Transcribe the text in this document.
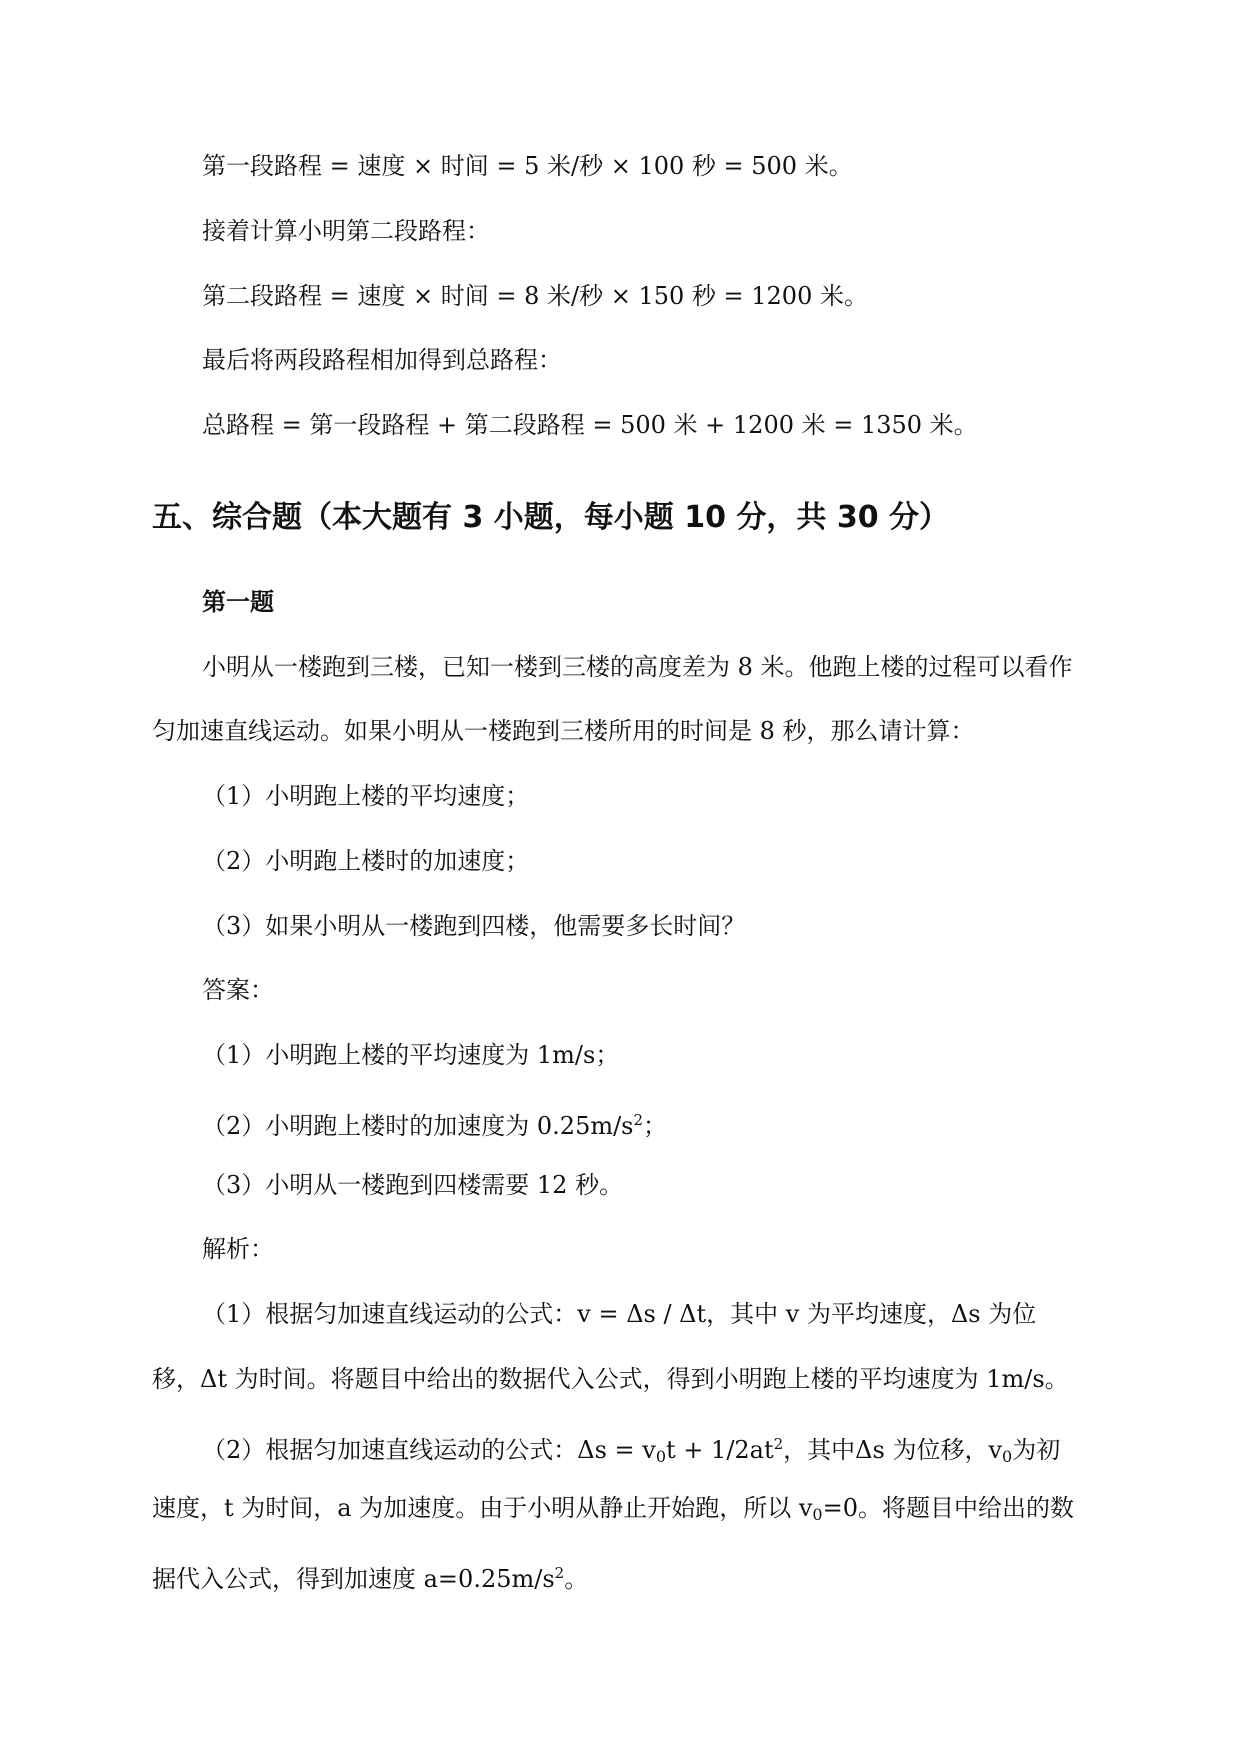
第一段路程 = 速度 × 时间 = 5 米/秒 × 100 秒 = 500 米。
接着计算小明第二段路程：
第二段路程 = 速度 × 时间 = 8 米/秒 × 150 秒 = 1200 米。
最后将两段路程相加得到总路程：
总路程 = 第一段路程 + 第二段路程 = 500 米 + 1200 米 = 1350 米。
五、综合题（本大题有 3 小题，每小题 10 分，共 30 分）
第一题
小明从一楼跑到三楼，已知一楼到三楼的高度差为 8 米。他跑上楼的过程可以看作
匀加速直线运动。如果小明从一楼跑到三楼所用的时间是 8 秒，那么请计算：
（1）小明跑上楼的平均速度；
（2）小明跑上楼时的加速度；
（3）如果小明从一楼跑到四楼，他需要多长时间？
答案：
（1）小明跑上楼的平均速度为 1m/s；
（2）小明跑上楼时的加速度为 $0.25m/s^2$；
（3）小明从一楼跑到四楼需要 12 秒。
解析：
（1）根据匀加速直线运动的公式：v = Δs / Δt，其中 v 为平均速度，Δs 为位
移，Δt 为时间。将题目中给出的数据代入公式，得到小明跑上楼的平均速度为 1m/s。
（2）根据匀加速直线运动的公式：$\Delta s = v_0t + 1/2at^2$，其中Δs 为位移，$v_0$为初
速度，t 为时间，a 为加速度。由于小明从静止开始跑，所以 $v_0=0$。将题目中给出的数
据代入公式，得到加速度 $a=0.25m/s^2$。
